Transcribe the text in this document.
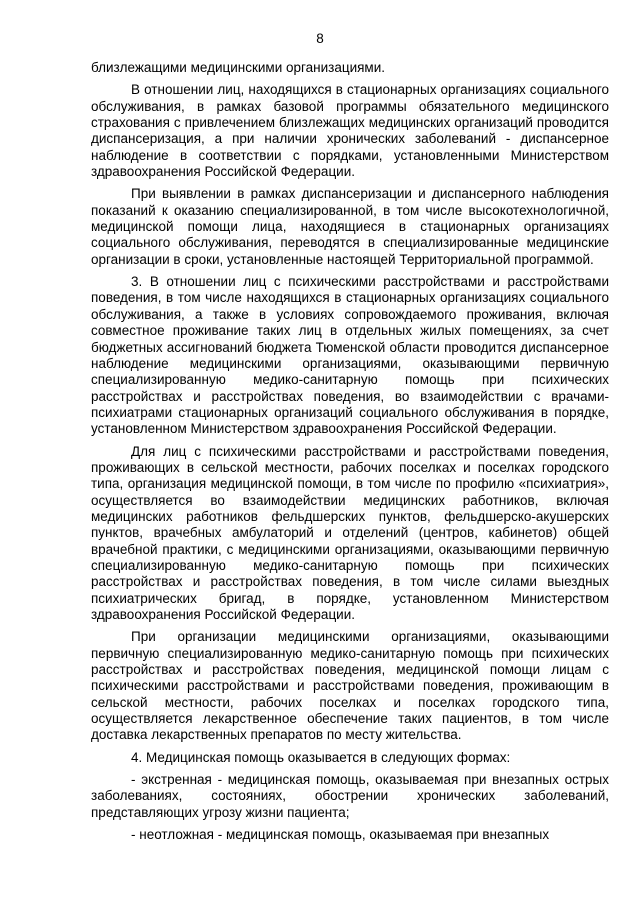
8

близлежащими медицинскими организациями.

В отношении лиц, находящихся в стационарных организациях социального обслуживания, в рамках базовой программы обязательного медицинского страхования с привлечением близлежащих медицинских организаций проводится диспансеризация, а при наличии хронических заболеваний - диспансерное наблюдение в соответствии с порядками, установленными Министерством здравоохранения Российской Федерации.

При выявлении в рамках диспансеризации и диспансерного наблюдения показаний к оказанию специализированной, в том числе высокотехнологичной, медицинской помощи лица, находящиеся в стационарных организациях социального обслуживания, переводятся в специализированные медицинские организации в сроки, установленные настоящей Территориальной программой.

3. В отношении лиц с психическими расстройствами и расстройствами поведения, в том числе находящихся в стационарных организациях социального обслуживания, а также в условиях сопровождаемого проживания, включая совместное проживание таких лиц в отдельных жилых помещениях, за счет бюджетных ассигнований бюджета Тюменской области проводится диспансерное наблюдение медицинскими организациями, оказывающими первичную специализированную медико-санитарную помощь при психических расстройствах и расстройствах поведения, во взаимодействии с врачами-психиатрами стационарных организаций социального обслуживания в порядке, установленном Министерством здравоохранения Российской Федерации.

Для лиц с психическими расстройствами и расстройствами поведения, проживающих в сельской местности, рабочих поселках и поселках городского типа, организация медицинской помощи, в том числе по профилю «психиатрия», осуществляется во взаимодействии медицинских работников, включая медицинских работников фельдшерских пунктов, фельдшерско-акушерских пунктов, врачебных амбулаторий и отделений (центров, кабинетов) общей врачебной практики, с медицинскими организациями, оказывающими первичную специализированную медико-санитарную помощь при психических расстройствах и расстройствах поведения, в том числе силами выездных психиатрических бригад, в порядке, установленном Министерством здравоохранения Российской Федерации.

При организации медицинскими организациями, оказывающими первичную специализированную медико-санитарную помощь при психических расстройствах и расстройствах поведения, медицинской помощи лицам с психическими расстройствами и расстройствами поведения, проживающим в сельской местности, рабочих поселках и поселках городского типа, осуществляется лекарственное обеспечение таких пациентов, в том числе доставка лекарственных препаратов по месту жительства.

4. Медицинская помощь оказывается в следующих формах:

- экстренная - медицинская помощь, оказываемая при внезапных острых заболеваниях, состояниях, обострении хронических заболеваний, представляющих угрозу жизни пациента;

- неотложная - медицинская помощь, оказываемая при внезапных
